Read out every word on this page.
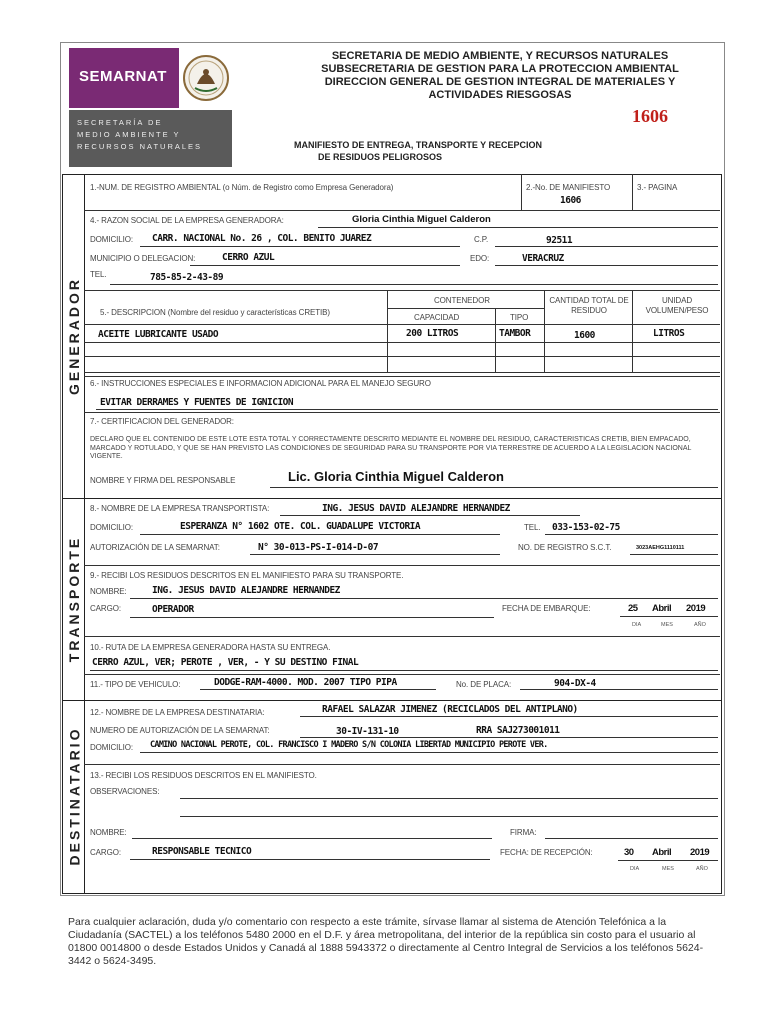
SEMARNAT
SECRETARÍA DE
MEDIO AMBIENTE Y
RECURSOS NATURALES
SECRETARIA DE MEDIO AMBIENTE, Y RECURSOS NATURALES
SUBSECRETARIA DE GESTION PARA LA PROTECCION AMBIENTAL
DIRECCION GENERAL DE GESTION INTEGRAL DE MATERIALES Y
ACTIVIDADES RIESGOSAS
1606
MANIFIESTO DE ENTREGA, TRANSPORTE Y RECEPCION
DE RESIDUOS PELIGROSOS
GENERADOR
TRANSPORTE
DESTINATARIO
1.-NUM. DE REGISTRO AMBIENTAL (o Núm. de Registro como Empresa Generadora)	2.-No. DE MANIFIESTO
1606
3.- PAGINA
4.- RAZON SOCIAL DE LA EMPRESA GENERADORA:	Gloria Cinthia Miguel Calderon
DOMICILIO: CARR. NACIONAL No. 26 , COL. BENITO JUAREZ	C.P.	92511
MUNICIPIO O DELEGACION:	CERRO AZUL	EDO:	VERACRUZ
TEL.	785-85-2-43-89
5.- DESCRIPCION (Nombre del residuo y características CRETIB)
CONTENEDOR
CAPACIDAD	TIPO
CANTIDAD TOTAL DE RESIDUO
UNIDAD VOLUMEN/PESO
ACEITE LUBRICANTE USADO	200 LITROS	TAMBOR	1600	LITROS
6.- INSTRUCCIONES ESPECIALES E INFORMACION ADICIONAL PARA EL MANEJO SEGURO
EVITAR DERRAMES Y FUENTES DE IGNICION
7.- CERTIFICACION DEL GENERADOR:
DECLARO QUE EL CONTENIDO DE ESTE LOTE ESTA TOTAL Y CORRECTAMENTE DESCRITO MEDIANTE EL NOMBRE DEL RESIDUO, CARACTERISTICAS CRETIB, BIEN EMPACADO, MARCADO Y ROTULADO, Y QUE SE HAN PREVISTO LAS CONDICIONES DE SEGURIDAD PARA SU TRANSPORTE POR VIA TERRESTRE DE ACUERDO A LA LEGISLACION NACIONAL VIGENTE.
NOMBRE Y FIRMA DEL RESPONSABLE	Lic. Gloria Cinthia Miguel Calderon
8.- NOMBRE DE LA EMPRESA TRANSPORTISTA:	ING. JESUS DAVID ALEJANDRE HERNANDEZ
DOMICILIO:	ESPERANZA N° 1602 OTE. COL. GUADALUPE VICTORIA	TEL. 033-153-02-75
AUTORIZACIÓN DE LA SEMARNAT:	N° 30-013-PS-I-014-D-07	NO. DE REGISTRO S.C.T.	3023AEHG1110111
9.- RECIBI LOS RESIDUOS DESCRITOS EN EL MANIFIESTO PARA SU TRANSPORTE.
NOMBRE:	ING. JESUS DAVID ALEJANDRE HERNANDEZ
CARGO:	OPERADOR	FECHA DE EMBARQUE:	25 Abril 2019
DIA	MES	AÑO
10.- RUTA DE LA EMPRESA GENERADORA HASTA SU ENTREGA.
CERRO AZUL, VER; PEROTE , VER, - Y SU DESTINO FINAL
11.- TIPO DE VEHICULO:	DODGE-RAM-4000. MOD. 2007 TIPO PIPA	No. DE PLACA:	904-DX-4
12.- NOMBRE DE LA EMPRESA DESTINATARIA:	RAFAEL SALAZAR JIMENEZ (RECICLADOS DEL ANTIPLANO)
NUMERO DE AUTORIZACIÓN DE LA SEMARNAT:	30-IV-131-10	RRA SAJ273001011
DOMICILIO: CAMINO NACIONAL PEROTE, COL. FRANCISCO I MADERO S/N COLONIA LIBERTAD MUNICIPIO PEROTE VER.
13.- RECIBI LOS RESIDUOS DESCRITOS EN EL MANIFIESTO.
OBSERVACIONES:
NOMBRE:	FIRMA:
CARGO:	RESPONSABLE TECNICO	FECHA: DE RECEPCIÓN:	30 Abril 2019
DIA	MES	AÑO
Para cualquier aclaración, duda y/o comentario con respecto a este trámite, sírvase llamar al sistema de Atención Telefónica a la Ciudadanía (SACTEL) a los teléfonos 5480 2000 en el D.F. y área metropolitana, del interior de la república sin costo para el usuario al 01800 0014800 o desde Estados Unidos y Canadá al 1888 5943372 o directamente al Centro Integral de Servicios a los teléfonos 5624-3442 o 5624-3495.
